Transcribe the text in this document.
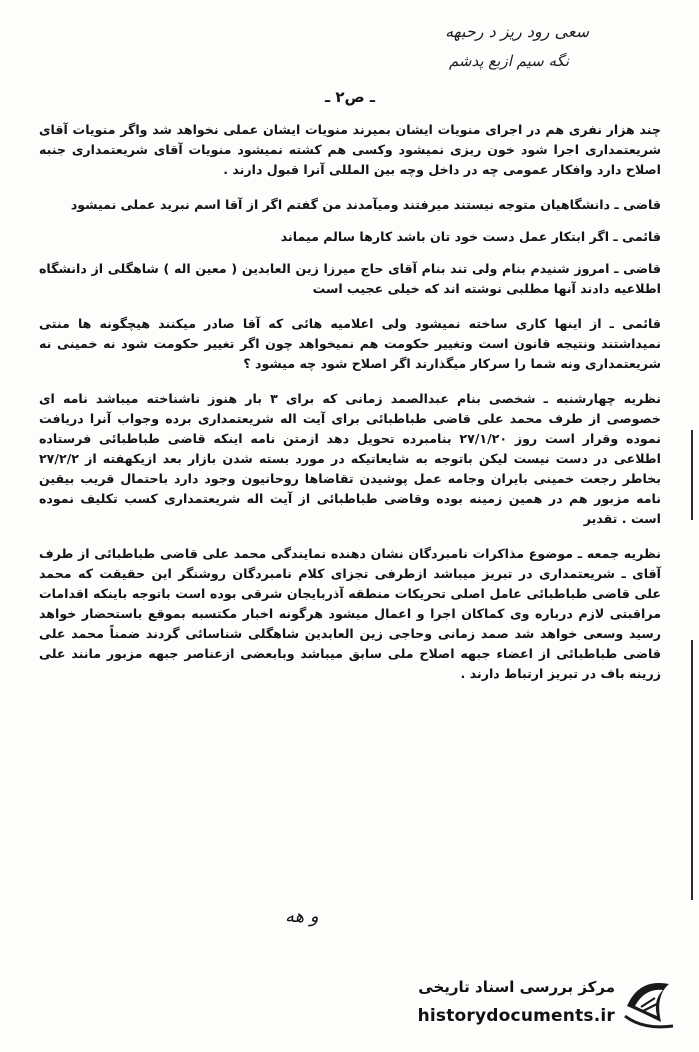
سعی رود ریز د رحبهه
نگه سیم ازبع پدشم
ـ ص۲ ـ

چند هزار نفری هم در اجرای منویات ایشان بمیرند منویات ایشان عملی نخواهد شد واگر منویات آقای شریعتمداری اجرا شود خون ریزی نمیشود وکسی هم کشته نمیشود منویات آقای شریعتمداری جنبه اصلاح دارد وافکار عمومی چه در داخل وچه بین المللی آنرا قبول دارند .

قاضی ـ دانشگاهیان متوجه نیستند میرفتند ومیآمدند من گفتم اگر از آقا اسم نبرید عملی نمیشود

قائمی ـ اگر ابتکار عمل دست خود تان باشد کارها سالم میماند

قاضی ـ امروز شنیدم بنام ولی تند بنام آقای حاج میرزا زین العابدین ( معین اله ) شاهگلی از دانشگاه اطلاعیه دادند آنها مطلبی نوشته اند که خیلی عجیب است

قائمی ـ از اینها کاری ساخته نمیشود ولی اعلامیه هائی که آقا صادر میکنند هیچگونه ها منتی نمیداشتند ونتیجه قانون است وتغییر حکومت هم نمیخواهد چون اگر تغییر حکومت شود نه خمینی نه شریعتمداری ونه شما را سرکار میگذارند اگر اصلاح شود چه میشود ؟

نظریه چهارشنبه ـ شخصی بنام عبدالصمد زمانی که برای ۳ بار هنوز ناشناخته میباشد نامه ای خصوصی از طرف محمد علی قاضی طباطبائی برای آیت اله شریعتمداری برده وجواب آنرا دریافت نموده وقرار است روز ۲۷/۱/۲۰ بنامبرده تحویل دهد ازمتن نامه اینکه قاضی طباطبائی فرستاده اطلاعی در دست نیست لیکن باتوجه به شایعاتیکه در مورد بسته شدن بازار بعد ازیکهفته از ۲۷/۲/۲ بخاطر رجعت خمینی بایران وجامه عمل پوشیدن تقاضاها روحانیون وجود دارد باحتمال قریب بیقین نامه مزبور هم در همین زمینه بوده وقاضی طباطبائی از آیت اله شریعتمداری کسب تکلیف نموده است . تقدیر

نظریه جمعه ـ موضوع مذاکرات نامبردگان نشان دهنده نمایندگی محمد علی قاضی طباطبائی از طرف آقای ـ شریعتمداری در تبریز میباشد ازطرفی تجزای کلام نامبردگان روشنگر این حقیقت که محمد علی قاضی طباطبائی عامل اصلی تحریکات منطقه آذربایجان شرقی بوده است باتوجه باینکه اقدامات مراقبتی لازم درباره وی کماکان اجرا و اعمال میشود هرگونه اخبار مکتسبه بموقع باستحضار خواهد رسید وسعی خواهد شد صمد زمانی وحاجی زین العابدین شاهگلی شناسائی گردند ضمناً محمد علی قاضی طباطبائی از اعضاء جبهه اصلاح ملی سابق میباشد وبابعضی ازعناصر جبهه مزبور مانند علی زرینه باف در تبریز ارتباط دارند .

و هه
مرکز بررسی اسناد تاریخی
historydocuments.ir
